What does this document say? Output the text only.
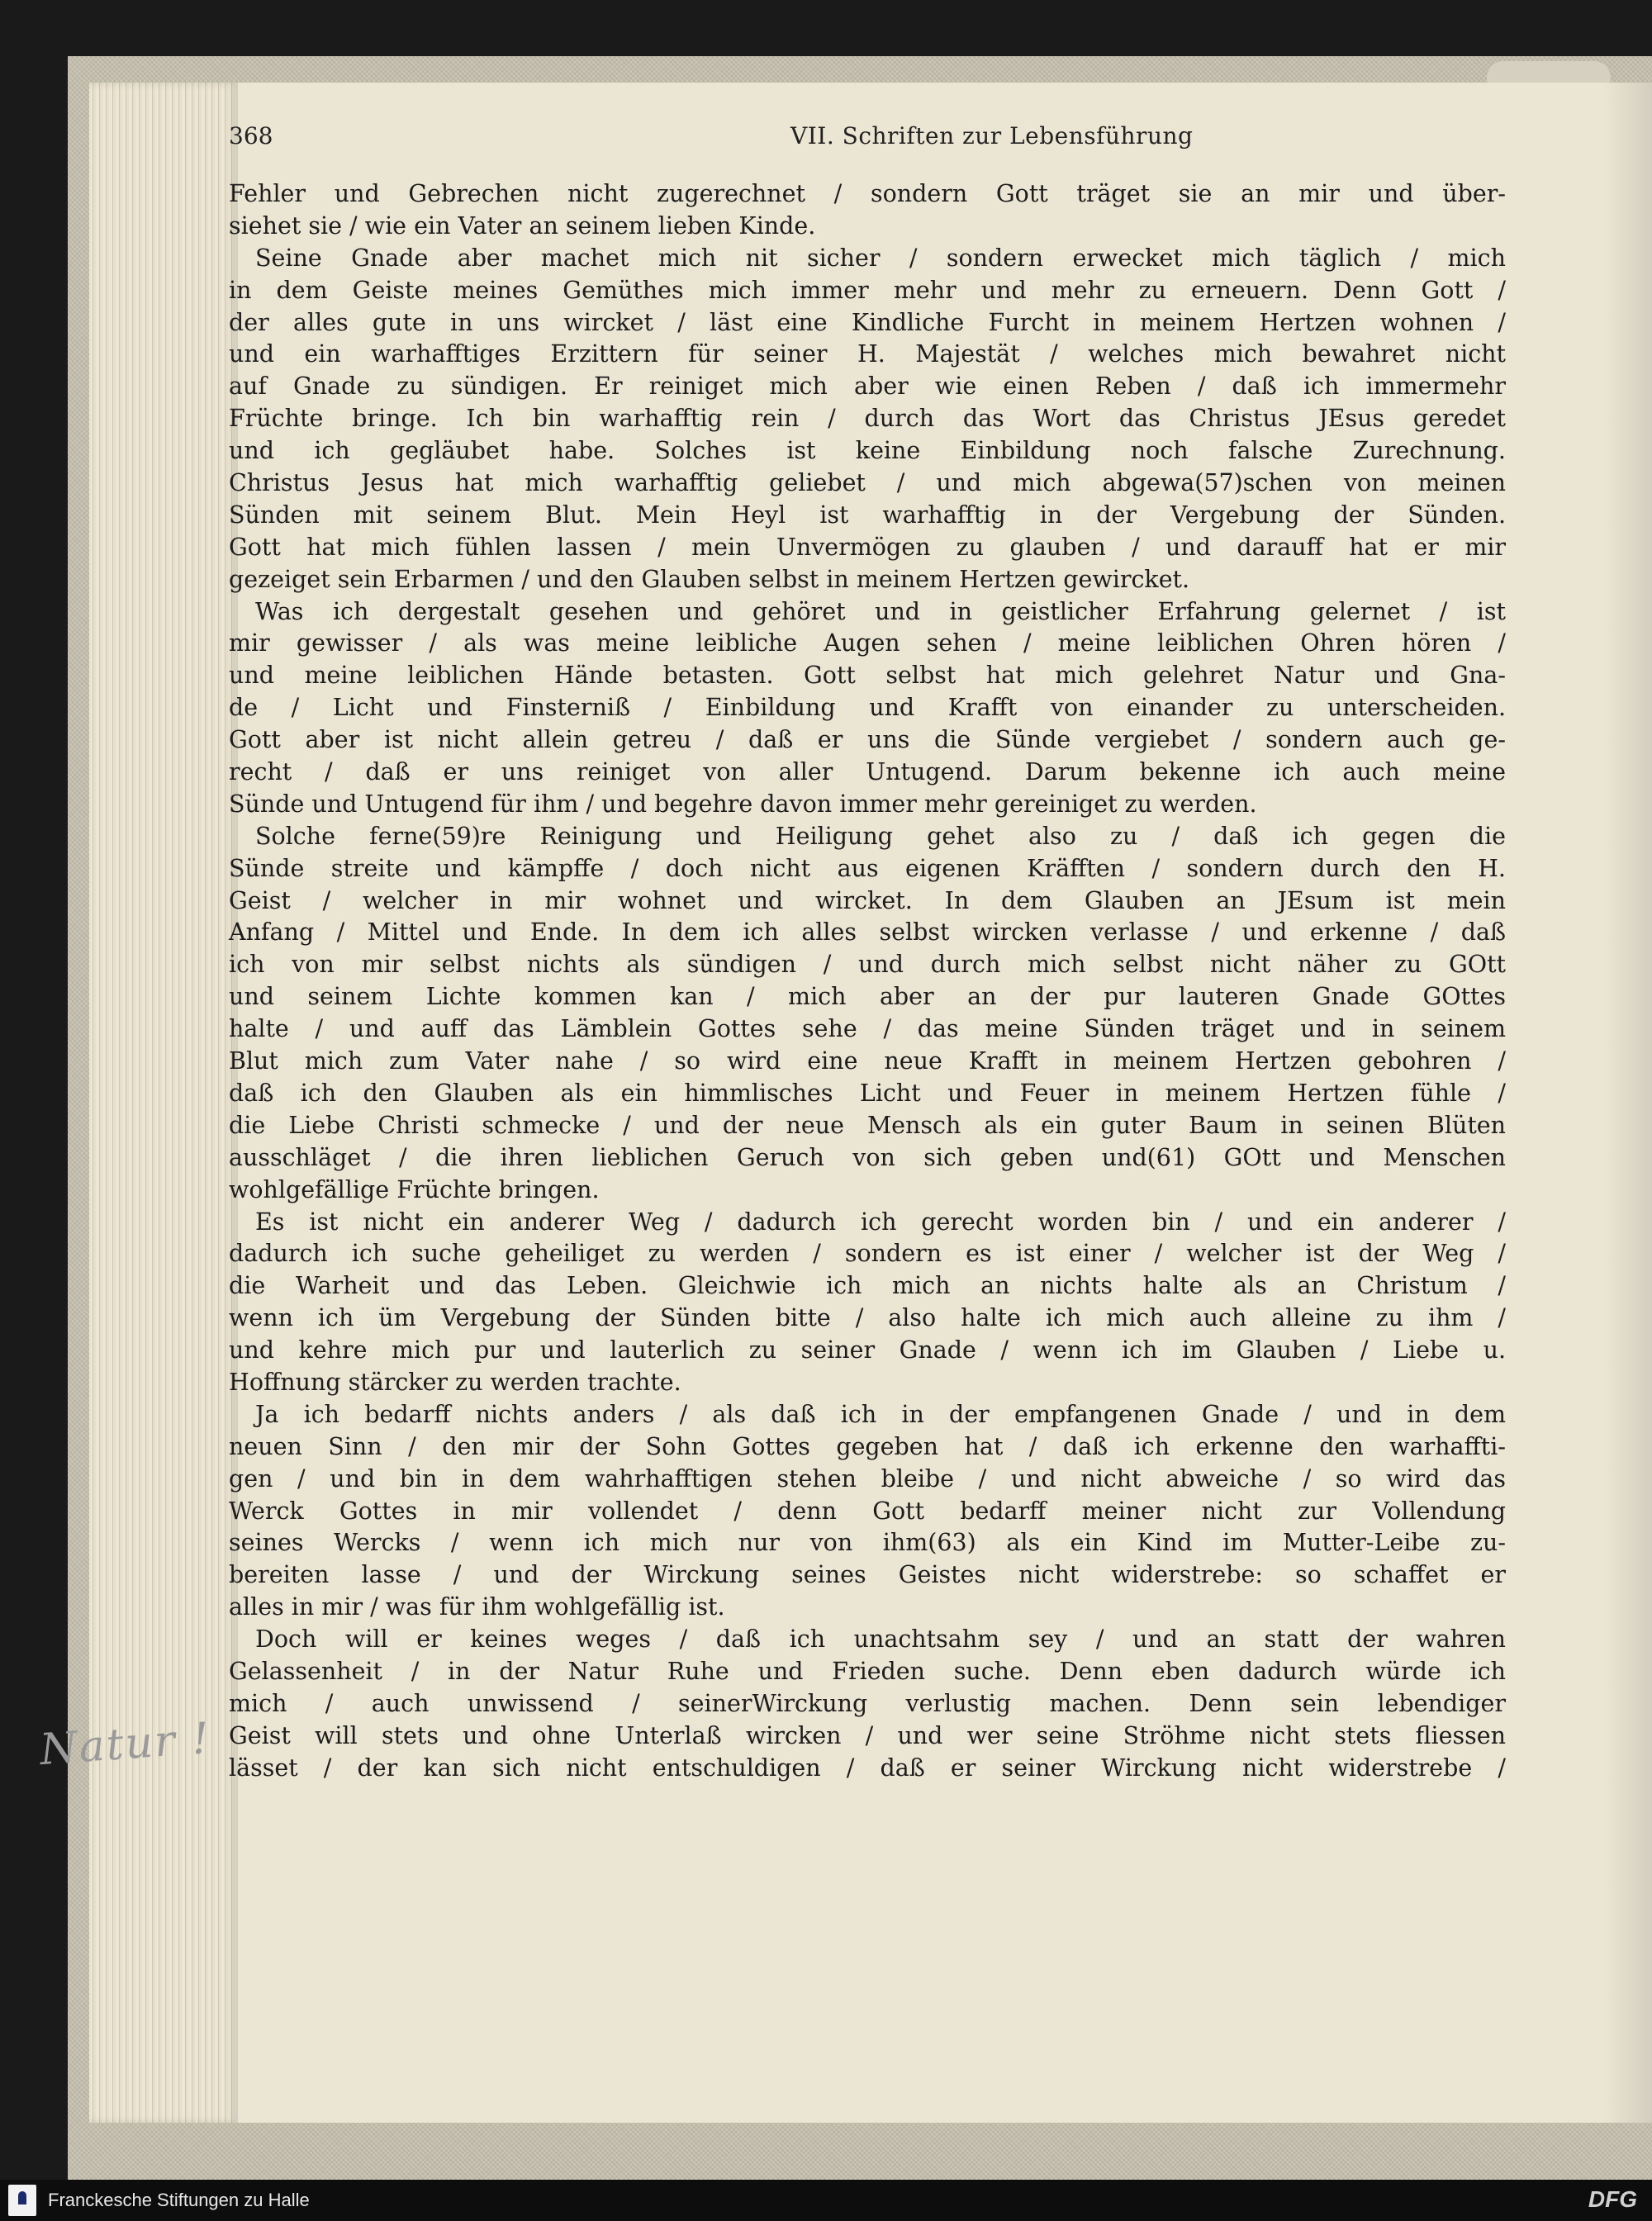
368	VII. Schriften zur Lebensführung
Natur !
Fehler und Gebrechen nicht zugerechnet / sondern Gott träget sie an mir und über-
siehet sie / wie ein Vater an seinem lieben Kinde.
Seine Gnade aber machet mich nit sicher / sondern erwecket mich täglich / mich
in dem Geiste meines Gemüthes mich immer mehr und mehr zu erneuern. Denn Gott /
der alles gute in uns wircket / läst eine Kindliche Furcht in meinem Hertzen wohnen /
und ein warhafftiges Erzittern für seiner H. Majestät / welches mich bewahret nicht
auf Gnade zu sündigen. Er reiniget mich aber wie einen Reben / daß ich immermehr
Früchte bringe. Ich bin warhafftig rein / durch das Wort das Christus JEsus geredet
und ich gegläubet habe. Solches ist keine Einbildung noch falsche Zurechnung.
Christus Jesus hat mich warhafftig geliebet / und mich abgewa(57)schen von meinen
Sünden mit seinem Blut. Mein Heyl ist warhafftig in der Vergebung der Sünden.
Gott hat mich fühlen lassen / mein Unvermögen zu glauben / und darauff hat er mir
gezeiget sein Erbarmen / und den Glauben selbst in meinem Hertzen gewircket.
Was ich dergestalt gesehen und gehöret und in geistlicher Erfahrung gelernet / ist
mir gewisser / als was meine leibliche Augen sehen / meine leiblichen Ohren hören /
und meine leiblichen Hände betasten. Gott selbst hat mich gelehret Natur und Gna-
de / Licht und Finsterniß / Einbildung und Krafft von einander zu unterscheiden.
Gott aber ist nicht allein getreu / daß er uns die Sünde vergiebet / sondern auch ge-
recht / daß er uns reiniget von aller Untugend. Darum bekenne ich auch meine
Sünde und Untugend für ihm / und begehre davon immer mehr gereiniget zu werden.
Solche ferne(59)re Reinigung und Heiligung gehet also zu / daß ich gegen die
Sünde streite und kämpffe / doch nicht aus eigenen Kräfften / sondern durch den H.
Geist / welcher in mir wohnet und wircket. In dem Glauben an JEsum ist mein
Anfang / Mittel und Ende. In dem ich alles selbst wircken verlasse / und erkenne / daß
ich von mir selbst nichts als sündigen / und durch mich selbst nicht näher zu GOtt
und seinem Lichte kommen kan / mich aber an der pur lauteren Gnade GOttes
halte / und auff das Lämblein Gottes sehe / das meine Sünden träget und in seinem
Blut mich zum Vater nahe / so wird eine neue Krafft in meinem Hertzen gebohren /
daß ich den Glauben als ein himmlisches Licht und Feuer in meinem Hertzen fühle /
die Liebe Christi schmecke / und der neue Mensch als ein guter Baum in seinen Blüten
ausschläget / die ihren lieblichen Geruch von sich geben und(61) GOtt und Menschen
wohlgefällige Früchte bringen.
Es ist nicht ein anderer Weg / dadurch ich gerecht worden bin / und ein anderer /
dadurch ich suche geheiliget zu werden / sondern es ist einer / welcher ist der Weg /
die Warheit und das Leben. Gleichwie ich mich an nichts halte als an Christum /
wenn ich üm Vergebung der Sünden bitte / also halte ich mich auch alleine zu ihm /
und kehre mich pur und lauterlich zu seiner Gnade / wenn ich im Glauben / Liebe u.
Hoffnung stärcker zu werden trachte.
Ja ich bedarff nichts anders / als daß ich in der empfangenen Gnade / und in dem
neuen Sinn / den mir der Sohn Gottes gegeben hat / daß ich erkenne den warhaffti-
gen / und bin in dem wahrhafftigen stehen bleibe / und nicht abweiche / so wird das
Werck Gottes in mir vollendet / denn Gott bedarff meiner nicht zur Vollendung
seines Wercks / wenn ich mich nur von ihm(63) als ein Kind im Mutter-Leibe zu-
bereiten lasse / und der Wirckung seines Geistes nicht widerstrebe: so schaffet er
alles in mir / was für ihm wohlgefällig ist.
Doch will er keines weges / daß ich unachtsahm sey / und an statt der wahren
Gelassenheit / in der Natur Ruhe und Frieden suche. Denn eben dadurch würde ich
mich / auch unwissend / seinerWirckung verlustig machen. Denn sein lebendiger
Geist will stets und ohne Unterlaß wircken / und wer seine Ströhme nicht stets fliessen
lässet / der kan sich nicht entschuldigen / daß er seiner Wirckung nicht widerstrebe /
Franckesche Stiftungen zu Halle	DFG
